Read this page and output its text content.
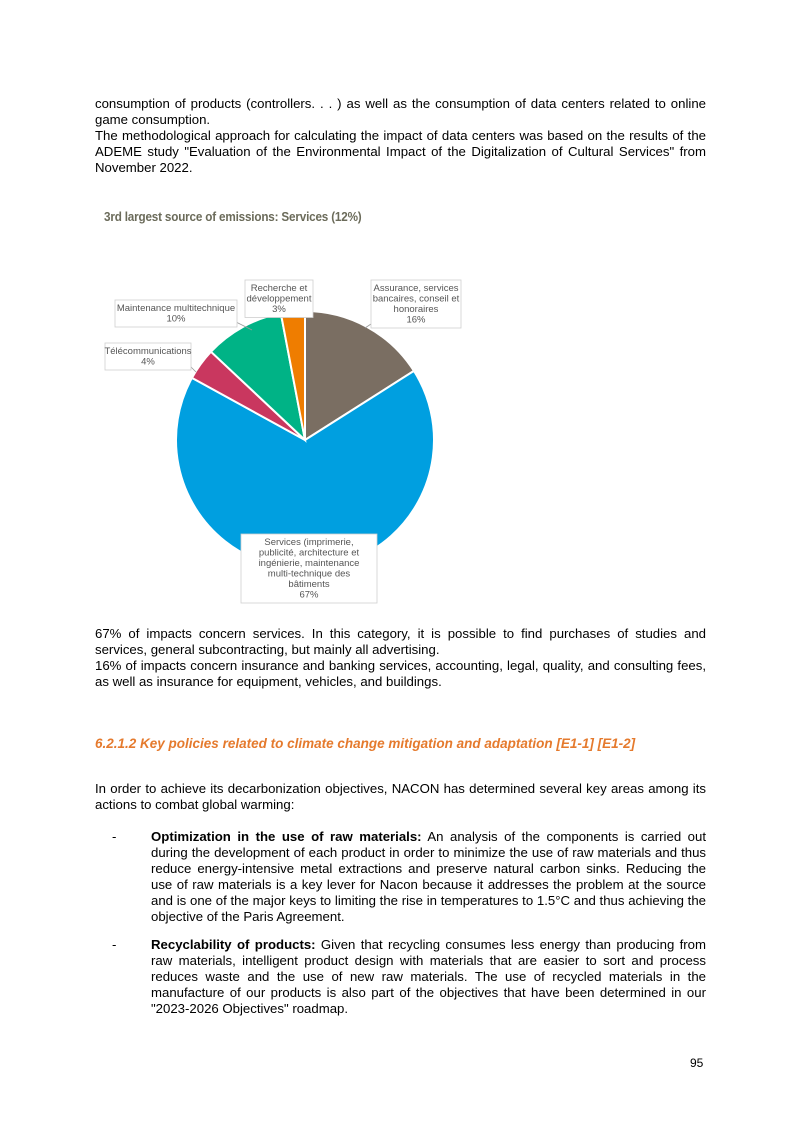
consumption of products (controllers. . . ) as well as the consumption of data centers related to online game consumption.
The methodological approach for calculating the impact of data centers was based on the results of the ADEME study "Evaluation of the Environmental Impact of the Digitalization of Cultural Services" from November 2022.

3rd largest source of emissions: Services (12%)

Assurance, services
bancaires, conseil et
honoraires
16%
Services (imprimerie,
publicité, architecture et
ingénierie, maintenance
multi-technique des
bâtiments
67%
Télécommunications
4%
Maintenance multitechnique
10%
Recherche et
développement
3%

67% of impacts concern services. In this category, it is possible to find purchases of studies and services, general subcontracting, but mainly all advertising.
16% of impacts concern insurance and banking services, accounting, legal, quality, and consulting fees, as well as insurance for equipment, vehicles, and buildings.

6.2.1.2 Key policies related to climate change mitigation and adaptation [E1-1] [E1-2]

In order to achieve its decarbonization objectives, NACON has determined several key areas among its actions to combat global warming:

-	Optimization in the use of raw materials: An analysis of the components is carried out during the development of each product in order to minimize the use of raw materials and thus reduce energy-intensive metal extractions and preserve natural carbon sinks. Reducing the use of raw materials is a key lever for Nacon because it addresses the problem at the source and is one of the major keys to limiting the rise in temperatures to 1.5°C and thus achieving the objective of the Paris Agreement.

-	Recyclability of products: Given that recycling consumes less energy than producing from raw materials, intelligent product design with materials that are easier to sort and process reduces waste and the use of new raw materials. The use of recycled materials in the manufacture of our products is also part of the objectives that have been determined in our "2023-2026 Objectives" roadmap.

95
